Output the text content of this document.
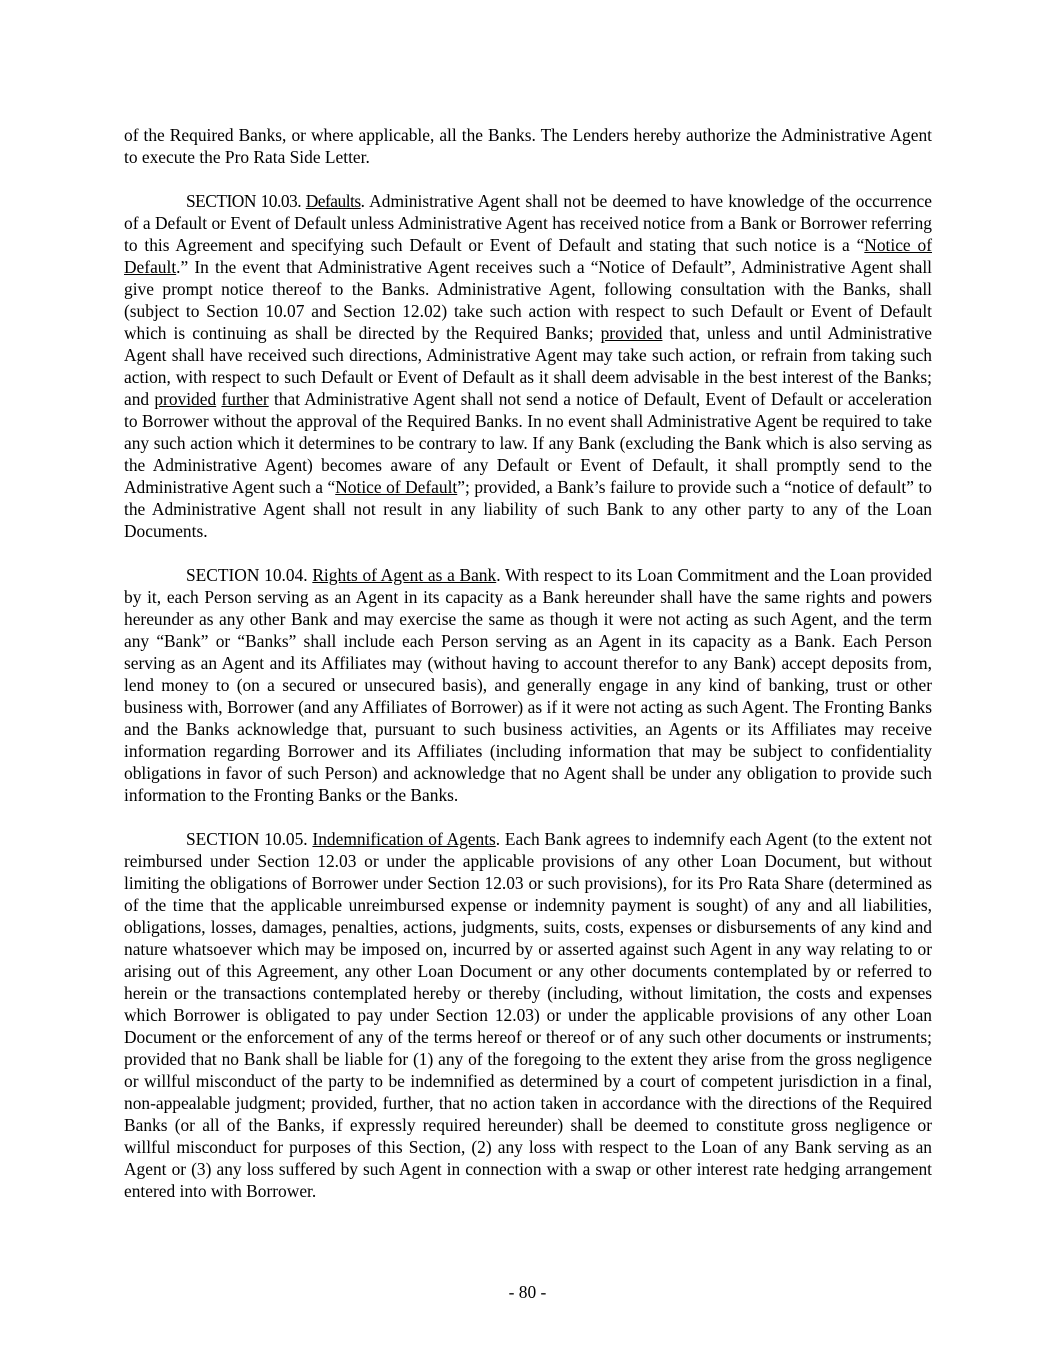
of the Required Banks, or where applicable, all the Banks. The Lenders hereby authorize the Administrative Agent to execute the Pro Rata Side Letter.

SECTION 10.03. Defaults. Administrative Agent shall not be deemed to have knowledge of the occurrence of a Default or Event of Default unless Administrative Agent has received notice from a Bank or Borrower referring to this Agreement and specifying such Default or Event of Default and stating that such notice is a “Notice of Default.” In the event that Administrative Agent receives such a “Notice of Default”, Administrative Agent shall give prompt notice thereof to the Banks. Administrative Agent, following consultation with the Banks, shall (subject to Section 10.07 and Section 12.02) take such action with respect to such Default or Event of Default which is continuing as shall be directed by the Required Banks; provided that, unless and until Administrative Agent shall have received such directions, Administrative Agent may take such action, or refrain from taking such action, with respect to such Default or Event of Default as it shall deem advisable in the best interest of the Banks; and provided further that Administrative Agent shall not send a notice of Default, Event of Default or acceleration to Borrower without the approval of the Required Banks. In no event shall Administrative Agent be required to take any such action which it determines to be contrary to law. If any Bank (excluding the Bank which is also serving as the Administrative Agent) becomes aware of any Default or Event of Default, it shall promptly send to the Administrative Agent such a “Notice of Default”; provided, a Bank’s failure to provide such a “notice of default” to the Administrative Agent shall not result in any liability of such Bank to any other party to any of the Loan Documents.

SECTION 10.04. Rights of Agent as a Bank. With respect to its Loan Commitment and the Loan provided by it, each Person serving as an Agent in its capacity as a Bank hereunder shall have the same rights and powers hereunder as any other Bank and may exercise the same as though it were not acting as such Agent, and the term any “Bank” or “Banks” shall include each Person serving as an Agent in its capacity as a Bank. Each Person serving as an Agent and its Affiliates may (without having to account therefor to any Bank) accept deposits from, lend money to (on a secured or unsecured basis), and generally engage in any kind of banking, trust or other business with, Borrower (and any Affiliates of Borrower) as if it were not acting as such Agent. The Fronting Banks and the Banks acknowledge that, pursuant to such business activities, an Agents or its Affiliates may receive information regarding Borrower and its Affiliates (including information that may be subject to confidentiality obligations in favor of such Person) and acknowledge that no Agent shall be under any obligation to provide such information to the Fronting Banks or the Banks.

SECTION 10.05. Indemnification of Agents. Each Bank agrees to indemnify each Agent (to the extent not reimbursed under Section 12.03 or under the applicable provisions of any other Loan Document, but without limiting the obligations of Borrower under Section 12.03 or such provisions), for its Pro Rata Share (determined as of the time that the applicable unreimbursed expense or indemnity payment is sought) of any and all liabilities, obligations, losses, damages, penalties, actions, judgments, suits, costs, expenses or disbursements of any kind and nature whatsoever which may be imposed on, incurred by or asserted against such Agent in any way relating to or arising out of this Agreement, any other Loan Document or any other documents contemplated by or referred to herein or the transactions contemplated hereby or thereby (including, without limitation, the costs and expenses which Borrower is obligated to pay under Section 12.03) or under the applicable provisions of any other Loan Document or the enforcement of any of the terms hereof or thereof or of any such other documents or instruments; provided that no Bank shall be liable for (1) any of the foregoing to the extent they arise from the gross negligence or willful misconduct of the party to be indemnified as determined by a court of competent jurisdiction in a final, non-appealable judgment; provided, further, that no action taken in accordance with the directions of the Required Banks (or all of the Banks, if expressly required hereunder) shall be deemed to constitute gross negligence or willful misconduct for purposes of this Section, (2) any loss with respect to the Loan of any Bank serving as an Agent or (3) any loss suffered by such Agent in connection with a swap or other interest rate hedging arrangement entered into with Borrower.

- 80 -
